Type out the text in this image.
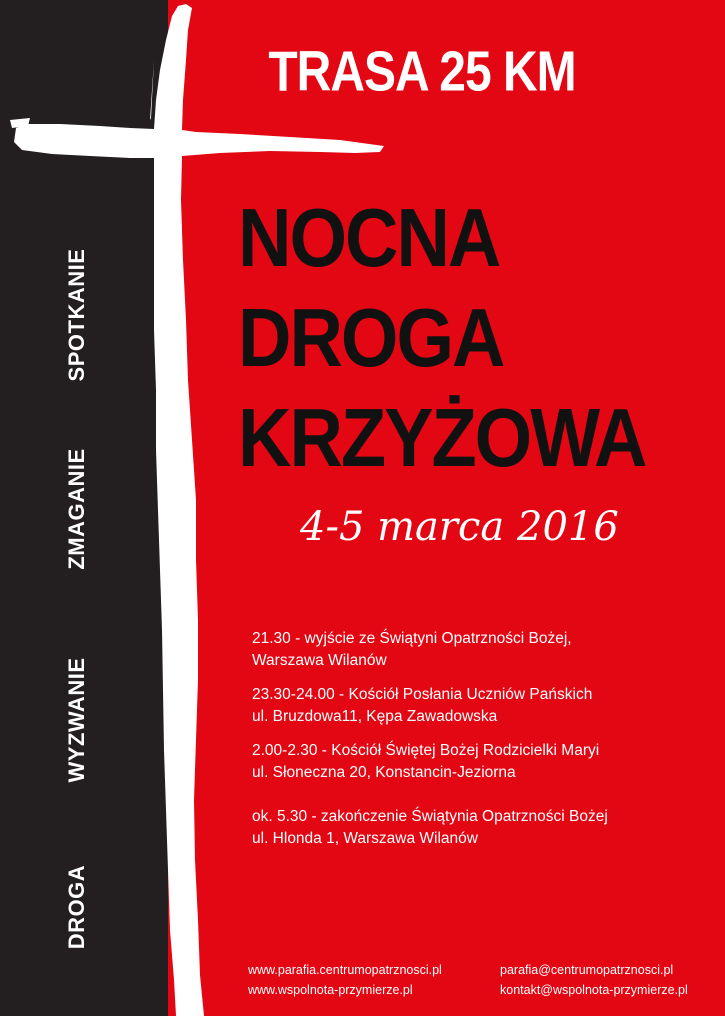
SPOTKANIE
ZMAGANIE
WYZWANIE
DROGA
TRASA 25 KM
NOCNA
DROGA
KRZYŻOWA
4-5 marca 2016
21.30 - wyjście ze Świątyni Opatrzności Bożej,
Warszawa Wilanów
23.30-24.00 - Kościół Posłania Uczniów Pańskich
ul. Bruzdowa11, Kępa Zawadowska
2.00-2.30 - Kościół Świętej Bożej Rodzicielki Maryi
ul. Słoneczna 20, Konstancin-Jeziorna
ok. 5.30 - zakończenie Świątynia Opatrzności Bożej
ul. Hlonda 1, Warszawa Wilanów
www.parafia.centrumopatrznosci.pl
www.wspolnota-przymierze.pl
parafia@centrumopatrznosci.pl
kontakt@wspolnota-przymierze.pl
